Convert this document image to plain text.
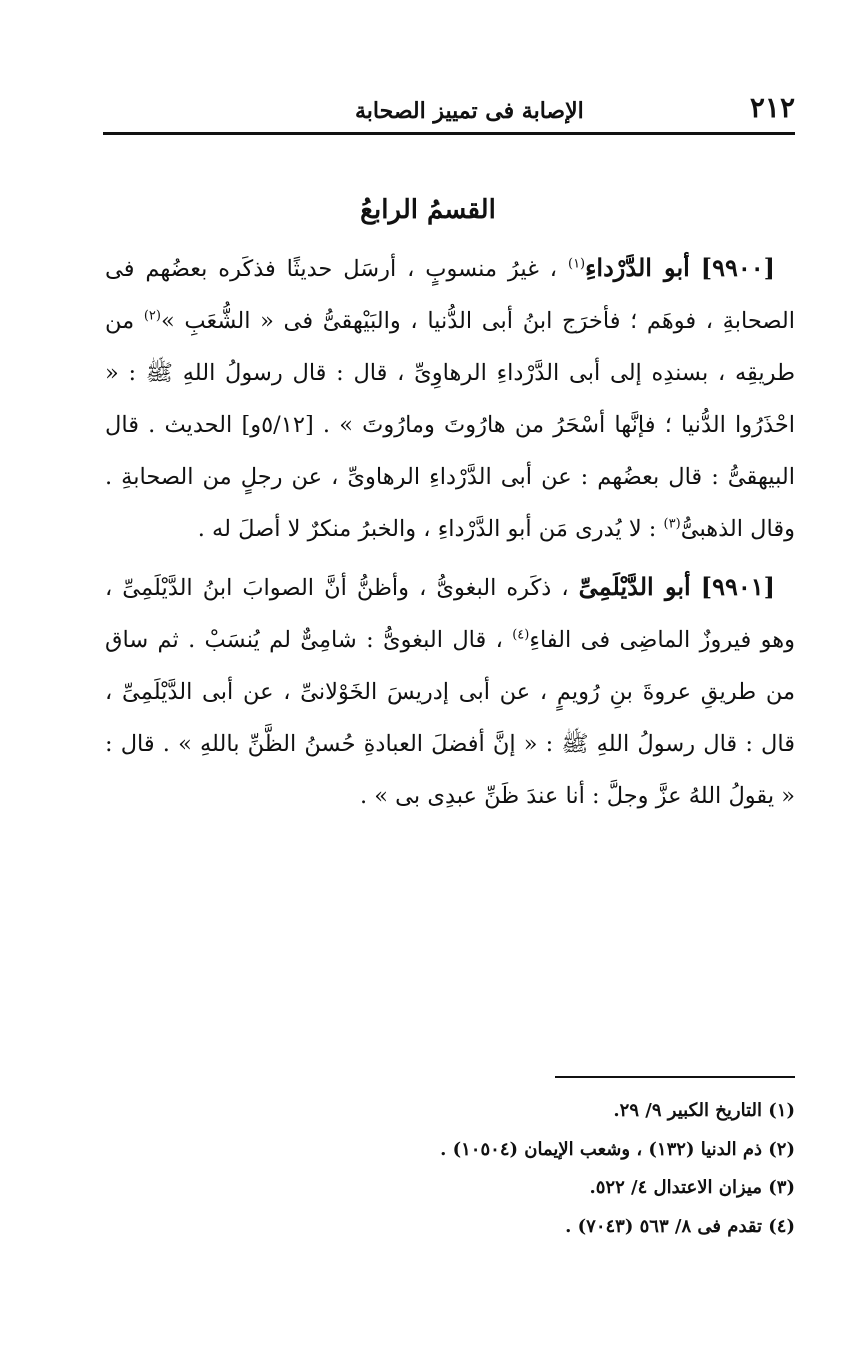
٢١٢
الإصابة فى تمييز الصحابة
القسمُ الرابعُ

[٩٩٠٠] أبو الدَّرْداءِ$^{(١)}$ ، غيرُ منسوبٍ ، أرسَل حديثًا فذكَره بعضُهم فى الصحابةِ ، فوهَم ؛ فأخرَج ابنُ أبى الدُّنيا ، والبَيْهقىُّ فى « الشُّعَبِ »$^{(٢)}$ من طريقِه ، بسندِه إلى أبى الدَّرْداءِ الرهاوِىِّ ، قال : قال رسولُ اللهِ ﷺ : « احْذَرُوا الدُّنيا ؛ فإنَّها أسْحَرُ من هارُوتَ ومارُوتَ » . [٥/١٢و] الحديث . قال البيهقىُّ : قال بعضُهم : عن أبى الدَّرْداءِ الرهاوىِّ ، عن رجلٍ من الصحابةِ . وقال الذهبىُّ$^{(٣)}$ : لا يُدرى مَن أبو الدَّرْداءِ ، والخبرُ منكرٌ لا أصلَ له .

[٩٩٠١] أبو الدَّيْلَمِىِّ ، ذكَره البغوىُّ ، وأظنُّ أنَّ الصوابَ ابنُ الدَّيْلَمِىِّ ، وهو فيروزٌ الماضِى فى الفاءِ$^{(٤)}$ ، قال البغوىُّ : شامِىٌّ لم يُنسَبْ . ثم ساق من طريقِ عروةَ بنِ رُويمٍ ، عن أبى إدريسَ الخَوْلانىِّ ، عن أبى الدَّيْلَمِىِّ ، قال : قال رسولُ اللهِ ﷺ : « إنَّ أفضلَ العبادةِ حُسنُ الظَّنِّ باللهِ » . قال : « يقولُ اللهُ عزَّ وجلَّ : أنا عندَ ظَنِّ عبدِى بى » .

(١) التاريخ الكبير ٩/ ٢٩.
(٢) ذم الدنيا (١٣٢) ، وشعب الإيمان (١٠٥٠٤) .
(٣) ميزان الاعتدال ٤/ ٥٢٢.
(٤) تقدم فى ٨/ ٥٦٣ (٧٠٤٣) .
